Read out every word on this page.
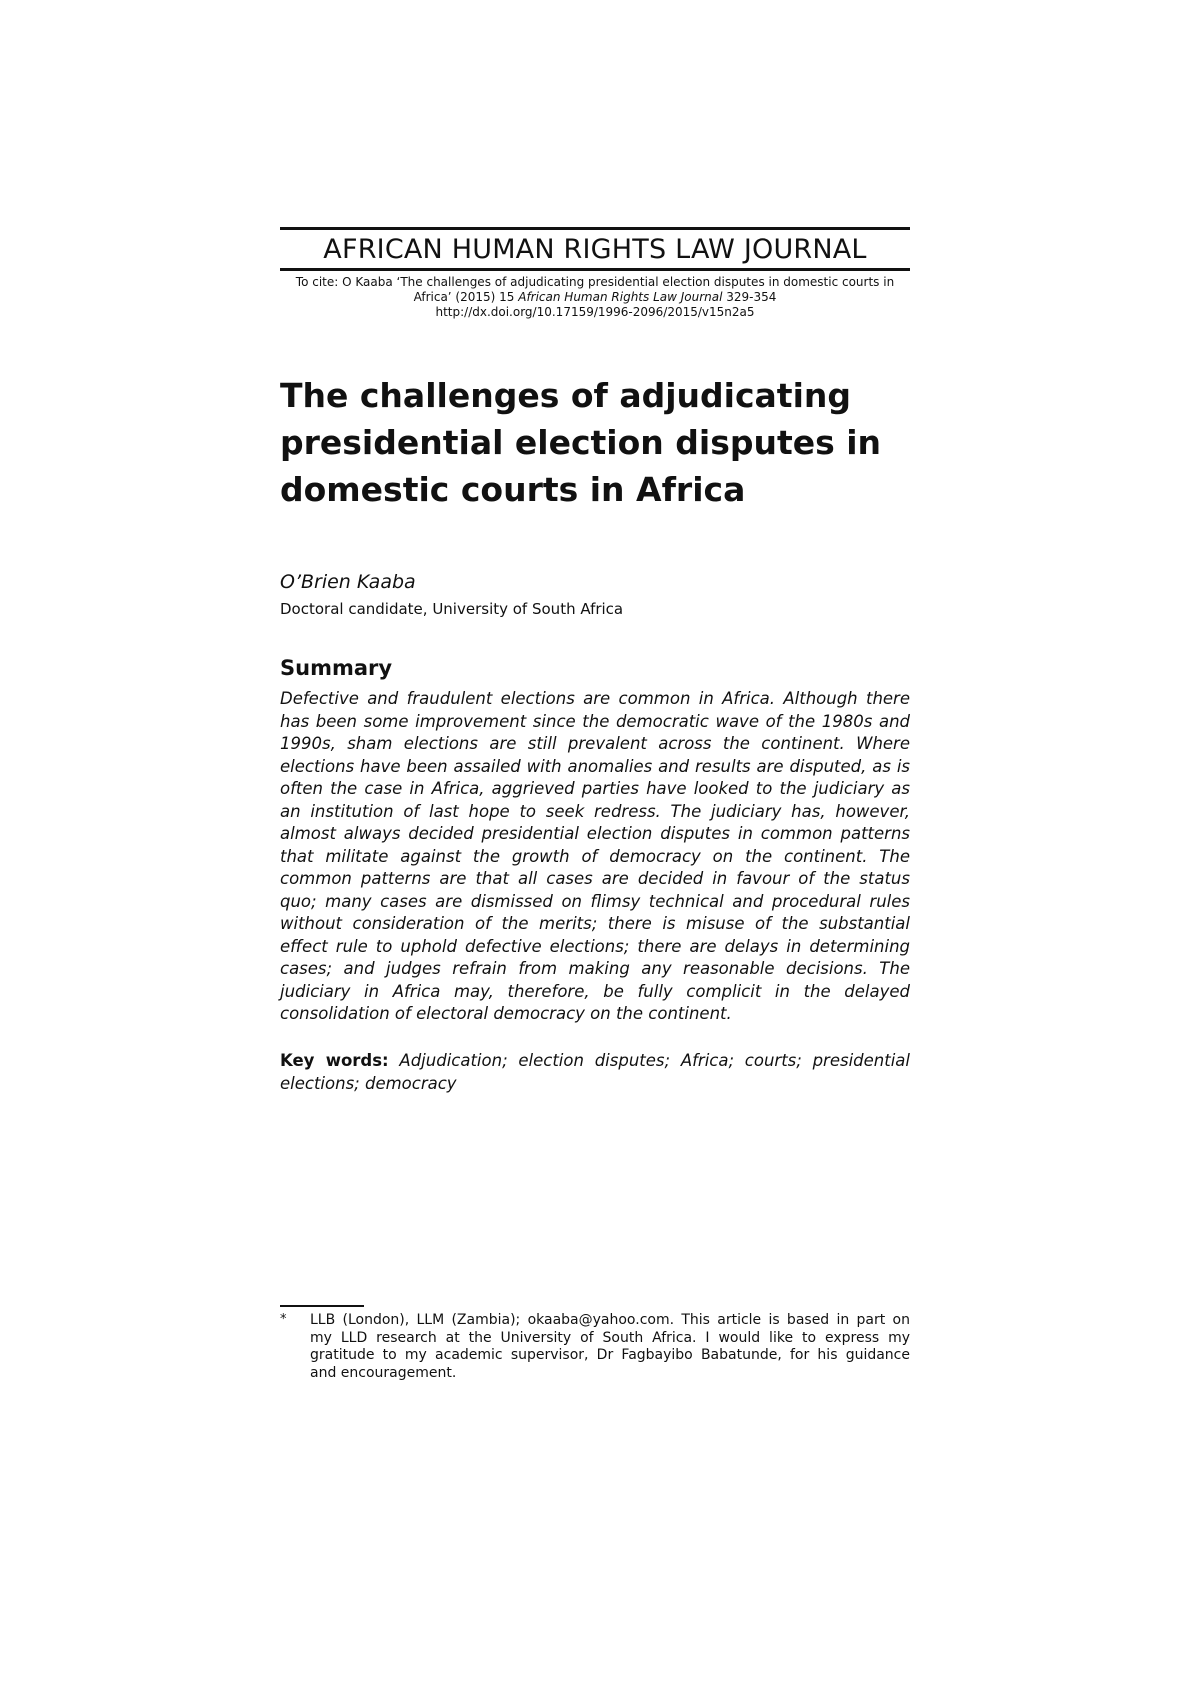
AFRICAN HUMAN RIGHTS LAW JOURNAL
To cite: O Kaaba ‘The challenges of adjudicating presidential election disputes in domestic courts in
Africa’ (2015) 15 African Human Rights Law Journal 329-354
http://dx.doi.org/10.17159/1996-2096/2015/v15n2a5
The challenges of adjudicating
presidential election disputes in
domestic courts in Africa
O’Brien Kaaba
Doctoral candidate, University of South Africa
Summary

Defective and fraudulent elections are common in Africa. Although there
has been some improvement since the democratic wave of the 1980s and
1990s, sham elections are still prevalent across the continent. Where
elections have been assailed with anomalies and results are disputed, as is
often the case in Africa, aggrieved parties have looked to the judiciary as
an institution of last hope to seek redress. The judiciary has, however,
almost always decided presidential election disputes in common patterns
that militate against the growth of democracy on the continent. The
common patterns are that all cases are decided in favour of the status
quo; many cases are dismissed on flimsy technical and procedural rules
without consideration of the merits; there is misuse of the substantial
effect rule to uphold defective elections; there are delays in determining
cases; and judges refrain from making any reasonable decisions. The
judiciary in Africa may, therefore, be fully complicit in the delayed
consolidation of electoral democracy on the continent.

Key words: Adjudication; election disputes; Africa; courts; presidential
elections; democracy

* LLB (London), LLM (Zambia); okaaba@yahoo.com. This article is based in part on
my LLD research at the University of South Africa. I would like to express my
gratitude to my academic supervisor, Dr Fagbayibo Babatunde, for his guidance
and encouragement.
